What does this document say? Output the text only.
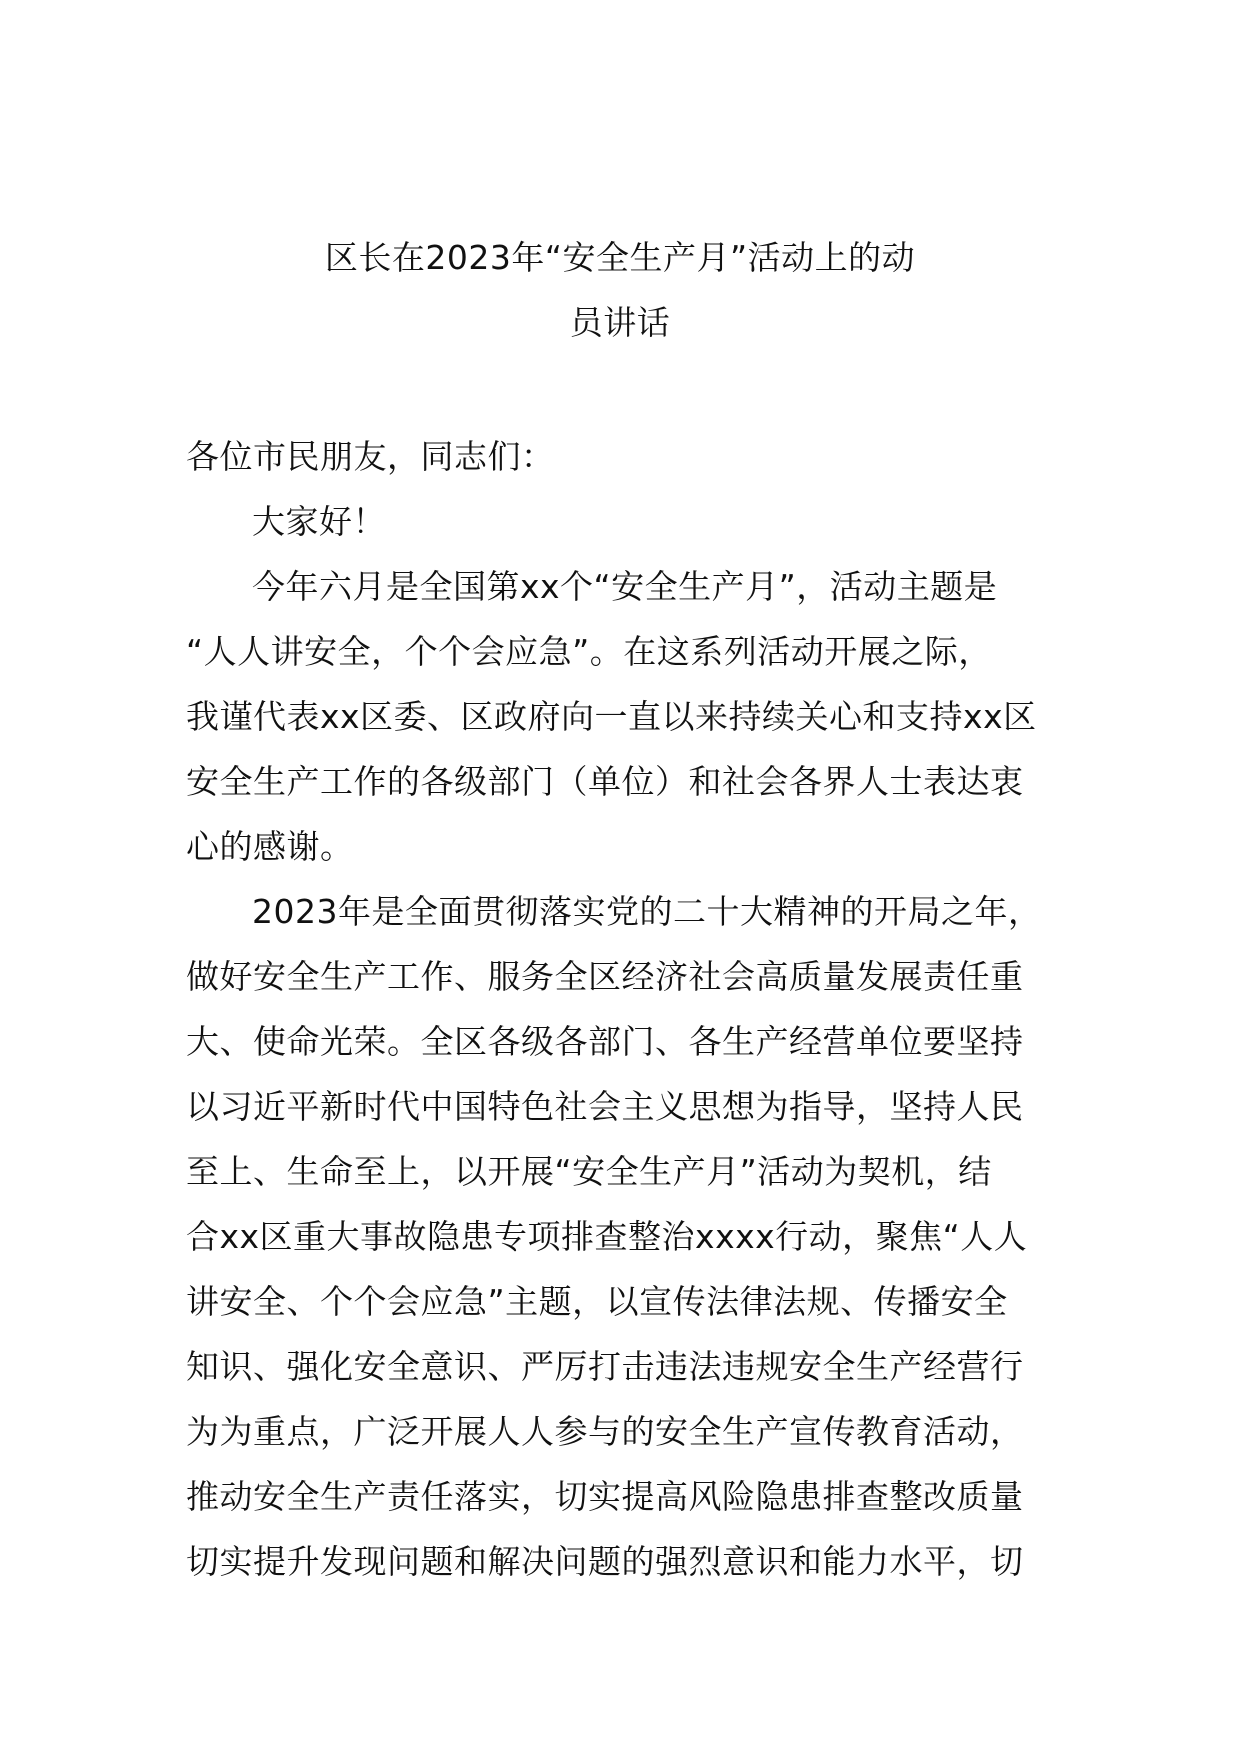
区长在2023年“安全生产月”活动上的动
员讲话
各位市民朋友，同志们：
大家好！
今年六月是全国第xx个“安全生产月”，活动主题是
“人人讲安全，个个会应急”。在这系列活动开展之际，
我谨代表xx区委、区政府向一直以来持续关心和支持xx区
安全生产工作的各级部门（单位）和社会各界人士表达衷
心的感谢。
2023年是全面贯彻落实党的二十大精神的开局之年，
做好安全生产工作、服务全区经济社会高质量发展责任重
大、使命光荣。全区各级各部门、各生产经营单位要坚持
以习近平新时代中国特色社会主义思想为指导，坚持人民
至上、生命至上，以开展“安全生产月”活动为契机，结
合xx区重大事故隐患专项排查整治xxxx行动，聚焦“人人
讲安全、个个会应急”主题，以宣传法律法规、传播安全
知识、强化安全意识、严厉打击违法违规安全生产经营行
为为重点，广泛开展人人参与的安全生产宣传教育活动，
推动安全生产责任落实，切实提高风险隐患排查整改质量
切实提升发现问题和解决问题的强烈意识和能力水平，切
